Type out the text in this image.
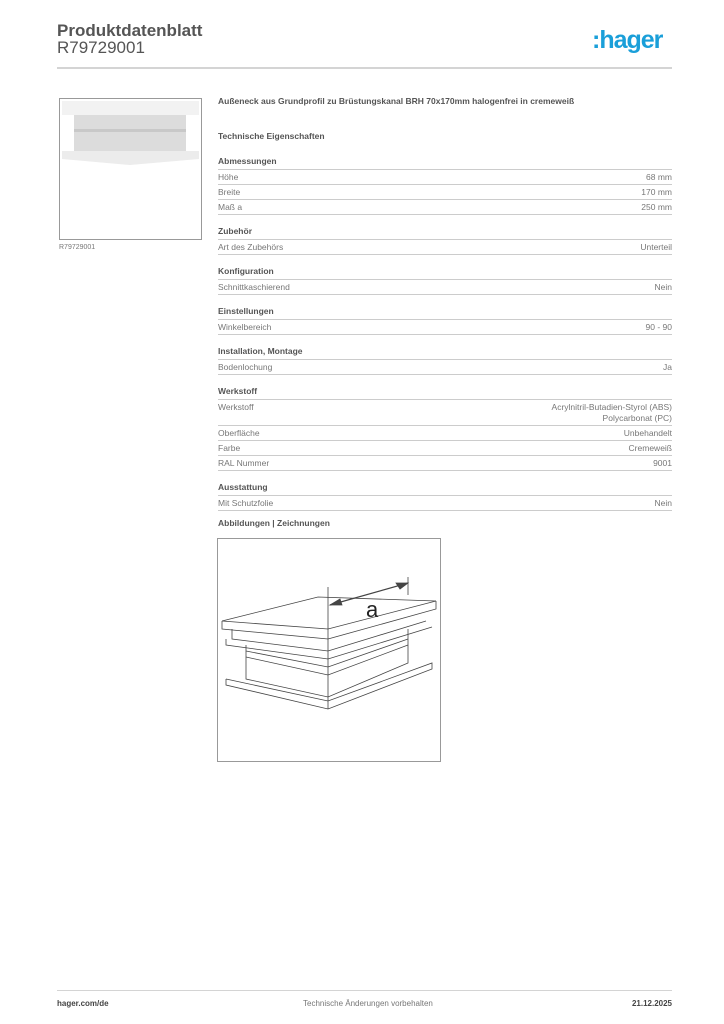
Produktdatenblatt
R79729001	:hager
R79729001
Außeneck aus Grundprofil zu Brüstungskanal BRH 70x170mm halogenfrei in cremeweiß
Technische Eigenschaften
Abmessungen
Höhe	68 mm
Breite	170 mm
Maß a	250 mm
Zubehör
Art des Zubehörs	Unterteil
Konfiguration
Schnittkaschierend	Nein
Einstellungen
Winkelbereich	90 - 90
Installation, Montage
Bodenlochung	Ja
Werkstoff
Werkstoff	Acrylnitril-Butadien-Styrol (ABS)
Polycarbonat (PC)
Oberfläche	Unbehandelt
Farbe	Cremeweiß
RAL Nummer	9001
Ausstattung
Mit Schutzfolie	Nein
Abbildungen | Zeichnungen
a
hager.com/de	Technische Änderungen vorbehalten	21.12.2025
